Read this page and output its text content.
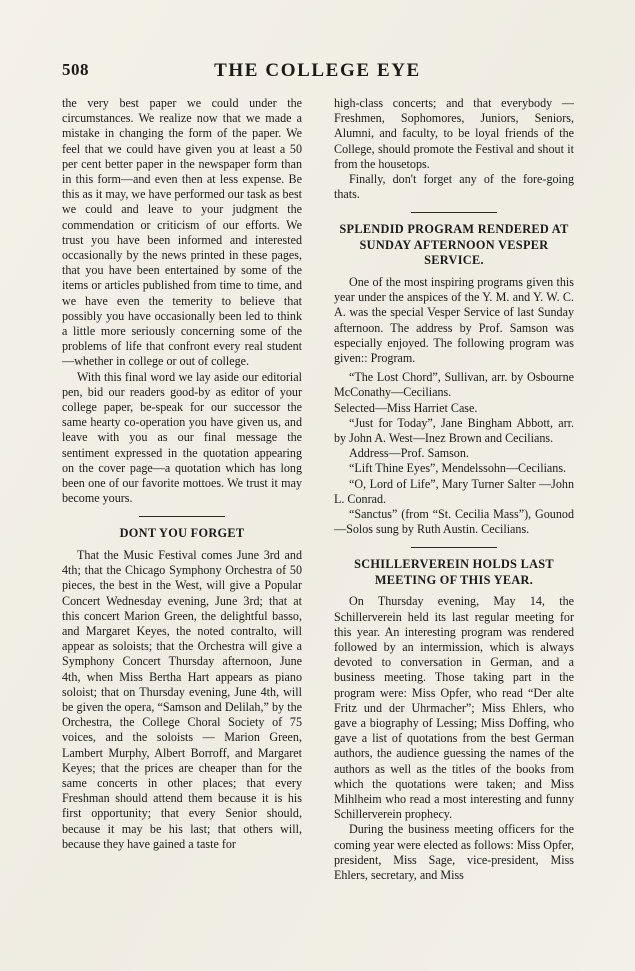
508	THE COLLEGE EYE

the very best paper we could under the circumstances. We realize now that we made a mistake in changing the form of the paper. We feel that we could have given you at least a 50 per cent better paper in the newspaper form than in this form—and even then at less expense. Be this as it may, we have performed our task as best we could and leave to your judgment the commendation or criticism of our efforts. We trust you have been informed and interested occasionally by the news printed in these pages, that you have been entertained by some of the items or articles published from time to time, and we have even the temerity to believe that possibly you have occasionally been led to think a little more seriously concerning some of the problems of life that confront every real student—whether in college or out of college.

With this final word we lay aside our editorial pen, bid our readers good-by as editor of your college paper, be-speak for our successor the same hearty co-operation you have given us, and leave with you as our final message the sentiment expressed in the quotation appearing on the cover page—a quotation which has long been one of our favorite mottoes. We trust it may become yours.

DONT YOU FORGET

That the Music Festival comes June 3rd and 4th; that the Chicago Symphony Orchestra of 50 pieces, the best in the West, will give a Popular Concert Wednesday evening, June 3rd; that at this concert Marion Green, the delightful basso, and Margaret Keyes, the noted contralto, will appear as soloists; that the Orchestra will give a Symphony Concert Thursday afternoon, June 4th, when Miss Bertha Hart appears as piano soloist; that on Thursday evening, June 4th, will be given the opera, “Samson and Delilah,” by the Orchestra, the College Choral Society of 75 voices, and the soloists — Marion Green, Lambert Murphy, Albert Borroff, and Margaret Keyes; that the prices are cheaper than for the same concerts in other places; that every Freshman should attend them because it is his first opportunity; that every Senior should, because it may be his last; that others will, because they have gained a taste for

high-class concerts; and that everybody —Freshmen, Sophomores, Juniors, Seniors, Alumni, and faculty, to be loyal friends of the College, should promote the Festival and shout it from the housetops.

Finally, don't forget any of the fore-going thats.

SPLENDID PROGRAM RENDERED AT SUNDAY AFTERNOON VESPER SERVICE.

One of the most inspiring programs given this year under the anspices of the Y. M. and Y. W. C. A. was the special Vesper Service of last Sunday afternoon. The address by Prof. Samson was especially enjoyed. The following program was given:: Program.

“The Lost Chord”, Sullivan, arr. by Osbourne McConathy—Cecilians.
Selected—Miss Harriet Case.
“Just for Today”, Jane Bingham Abbott, arr. by John A. West—Inez Brown and Cecilians.
Address—Prof. Samson.
“Lift Thine Eyes”, Mendelssohn—Cecilians.
“O, Lord of Life”, Mary Turner Salter —John L. Conrad.
“Sanctus” (from “St. Cecilia Mass”), Gounod—Solos sung by Ruth Austin. Cecilians.
SCHILLERVEREIN HOLDS LAST MEETING OF THIS YEAR.

On Thursday evening, May 14, the Schillerverein held its last regular meeting for this year. An interesting program was rendered followed by an intermission, which is always devoted to conversation in German, and a business meeting. Those taking part in the program were: Miss Opfer, who read “Der alte Fritz und der Uhrmacher”; Miss Ehlers, who gave a biography of Lessing; Miss Doffing, who gave a list of quotations from the best German authors, the audience guessing the names of the authors as well as the titles of the books from which the quotations were taken; and Miss Mihlheim who read a most interesting and funny Schillerverein prophecy.

During the business meeting officers for the coming year were elected as follows: Miss Opfer, president, Miss Sage, vice-president, Miss Ehlers, secretary, and Miss
